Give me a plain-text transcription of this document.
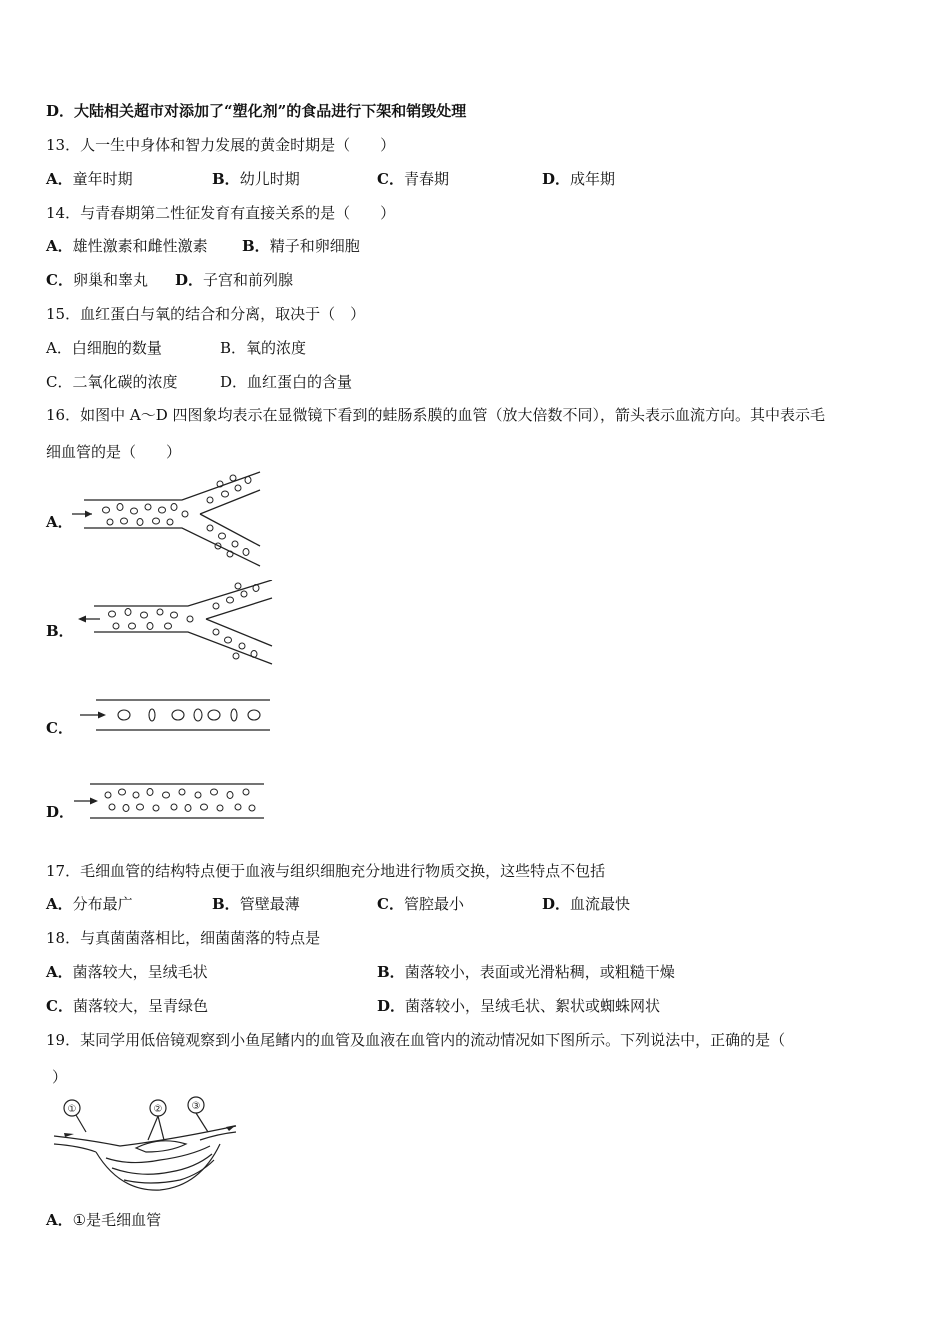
D．大陆相关超市对添加了“塑化剂”的食品进行下架和销毁处理
13．人一生中身体和智力发展的黄金时期是（　　）
A．童年时期	B．幼儿时期	C．青春期	D．成年期
14．与青春期第二性征发育有直接关系的是（　　）
A．雄性激素和雌性激素 B．精子和卵细胞
C．卵巢和睾丸 D．子宫和前列腺
15．血红蛋白与氧的结合和分离，取决于（　）
A．白细胞的数量	B．氧的浓度
C．二氧化碳的浓度	D．血红蛋白的含量
16．如图中 A～D 四图象均表示在显微镜下看到的蛙肠系膜的血管（放大倍数不同），箭头表示血流方向。其中表示毛
细血管的是（　　）
A．
B．
C．
D．
17．毛细血管的结构特点便于血液与组织细胞充分地进行物质交换，这些特点不包括
A．分布最广	B．管壁最薄	C．管腔最小	D．血流最快
18．与真菌菌落相比，细菌菌落的特点是
A．菌落较大，呈绒毛状	B．菌落较小，表面或光滑粘稠，或粗糙干燥
C．菌落较大，呈青绿色	D．菌落较小，呈绒毛状、絮状或蜘蛛网状
19．某同学用低倍镜观察到小鱼尾鳍内的血管及血液在血管内的流动情况如下图所示。下列说法中，正确的是（
）
①	②	③
A．①是毛细血管
